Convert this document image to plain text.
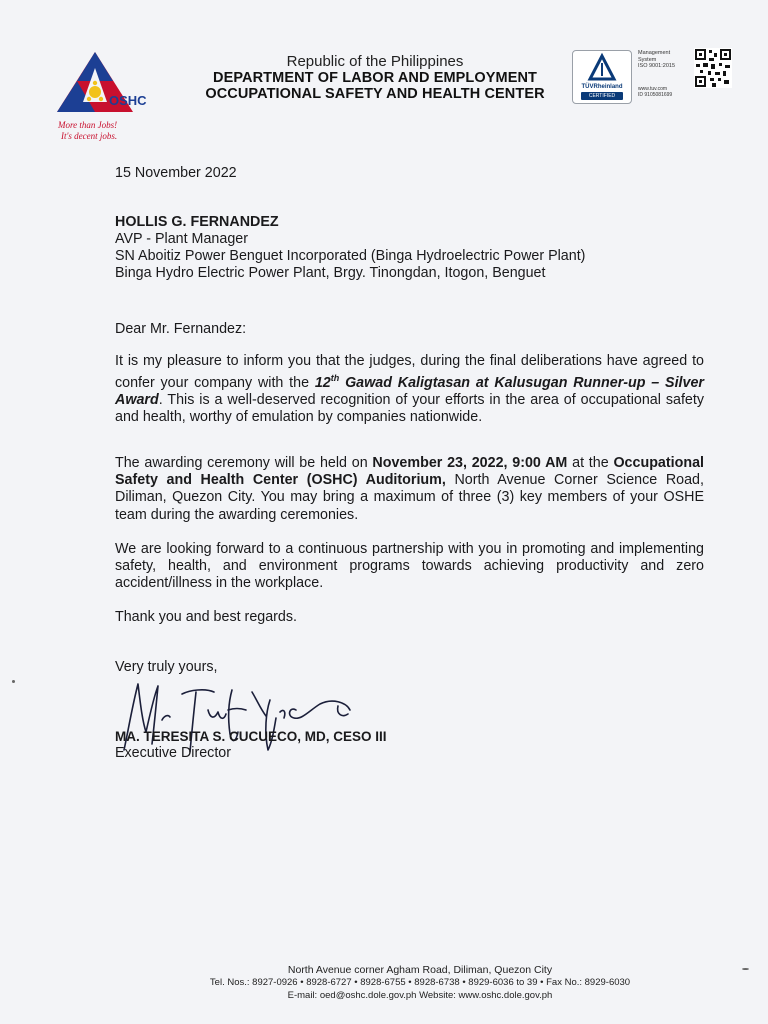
OSHC
More than Jobs!
It's decent jobs.
Republic of the Philippines
DEPARTMENT OF LABOR AND EMPLOYMENT
OCCUPATIONAL SAFETY AND HEALTH CENTER	TÜVRheinland
CERTIFIED
Management
System
ISO 9001:2015
www.tuv.com
ID 9105081699
15 November 2022
HOLLIS G. FERNANDEZ
AVP - Plant Manager
SN Aboitiz Power Benguet Incorporated (Binga Hydroelectric Power Plant)
Binga Hydro Electric Power Plant, Brgy. Tinongdan, Itogon, Benguet
Dear Mr. Fernandez:
It is my pleasure to inform you that the judges, during the final deliberations have agreed to confer your company with the 12th Gawad Kaligtasan at Kalusugan Runner-up – Silver Award. This is a well-deserved recognition of your efforts in the area of occupational safety and health, worthy of emulation by companies nationwide.
The awarding ceremony will be held on November 23, 2022, 9:00 AM at the Occupational Safety and Health Center (OSHC) Auditorium, North Avenue Corner Science Road, Diliman, Quezon City. You may bring a maximum of three (3) key members of your OSHE team during the awarding ceremonies.
We are looking forward to a continuous partnership with you in promoting and implementing safety, health, and environment programs towards achieving productivity and zero accident/illness in the workplace.
Thank you and best regards.
Very truly yours,
MA. TERESITA S. CUCUECO, MD, CESO III
Executive Director
North Avenue corner Agham Road, Diliman, Quezon City
Tel. Nos.: 8927-0926 • 8928-6727 • 8928-6755 • 8928-6738 • 8929-6036 to 39 • Fax No.: 8929-6030
E-mail: oed@oshc.dole.gov.ph Website: www.oshc.dole.gov.ph
